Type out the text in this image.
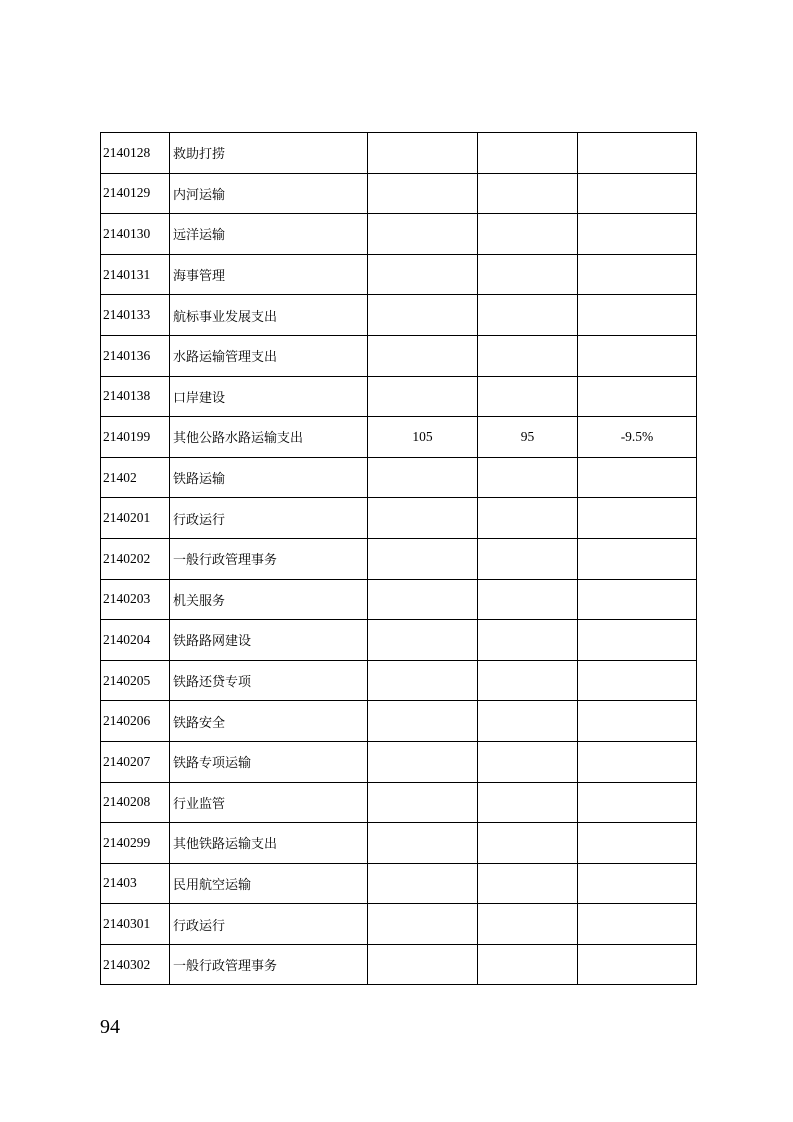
2140128	救助打捞			
2140129	内河运输			
2140130	远洋运输			
2140131	海事管理			
2140133	航标事业发展支出			
2140136	水路运输管理支出			
2140138	口岸建设			
2140199	其他公路水路运输支出	105	95	-9.5%
21402	铁路运输			
2140201	行政运行			
2140202	一般行政管理事务			
2140203	机关服务			
2140204	铁路路网建设			
2140205	铁路还贷专项			
2140206	铁路安全			
2140207	铁路专项运输			
2140208	行业监管			
2140299	其他铁路运输支出			
21403	民用航空运输			
2140301	行政运行			
2140302	一般行政管理事务			
94
